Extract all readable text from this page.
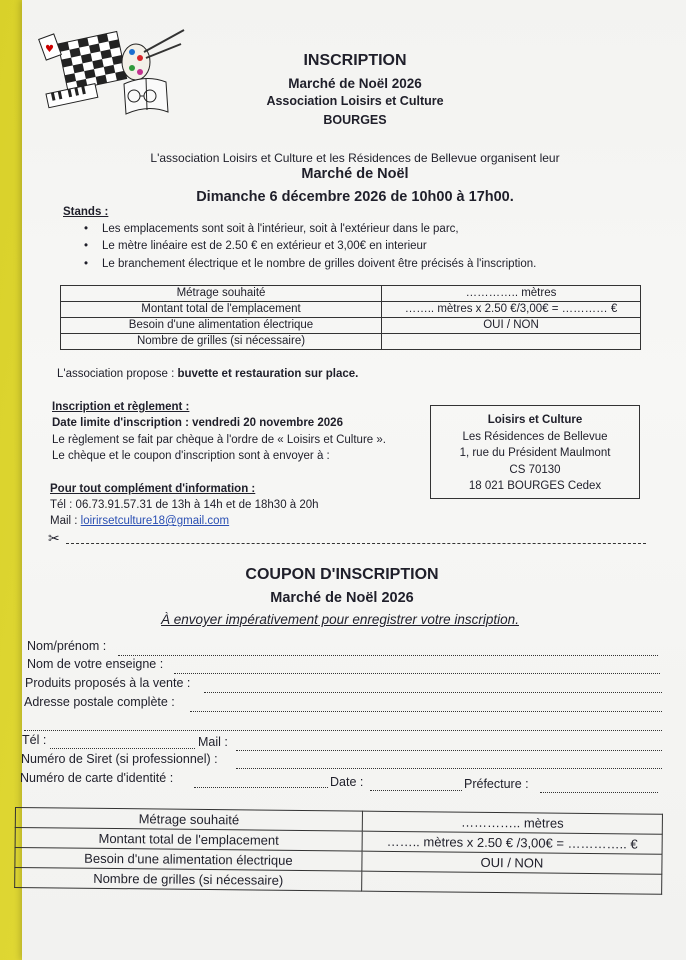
♥
INSCRIPTION
Marché de Noël 2026
Association Loisirs et Culture
BOURGES
L'association Loisirs et Culture et les Résidences de Bellevue organisent leur
Marché de Noël
Dimanche 6 décembre 2026 de 10h00 à 17h00.
Stands :
• Les emplacements sont soit à l'intérieur, soit à l'extérieur dans le parc,
• Le mètre linéaire est de 2.50 € en extérieur et 3,00€ en interieur
• Le branchement électrique et le nombre de grilles doivent être précisés à l'inscription.
Métrage souhaité	………….. mètres
Montant total de l'emplacement	…….. mètres x 2.50 €/3,00€ = ………… €
Besoin d'une alimentation électrique	OUI / NON
Nombre de grilles (si nécessaire)	
L'association propose : buvette et restauration sur place.
Inscription et règlement :
Date limite d'inscription : vendredi 20 novembre 2026
Le règlement se fait par chèque à l'ordre de « Loisirs et Culture ».
Le chèque et le coupon d'inscription sont à envoyer à :
Loisirs et Culture
Les Résidences de Bellevue
1, rue du Président Maulmont
CS 70130
18 021 BOURGES Cedex
Pour tout complément d'information :
Tél : 06.73.91.57.31 de 13h à 14h et de 18h30 à 20h
Mail : loirirsetculture18@gmail.com
✂
COUPON D'INSCRIPTION
Marché de Noël 2026
À envoyer impérativement pour enregistrer votre inscription.
Nom/prénom :
Nom de votre enseigne :
Produits proposés à la vente :
Adresse postale complète :
Tél :	Mail :
Numéro de Siret (si professionnel) :
Numéro de carte d'identité :	Date :	Préfecture :
Métrage souhaité	………….. mètres
Montant total de l'emplacement	…….. mètres x 2.50 € /3,00€ = ………….. €
Besoin d'une alimentation électrique	OUI / NON
Nombre de grilles (si nécessaire)	
